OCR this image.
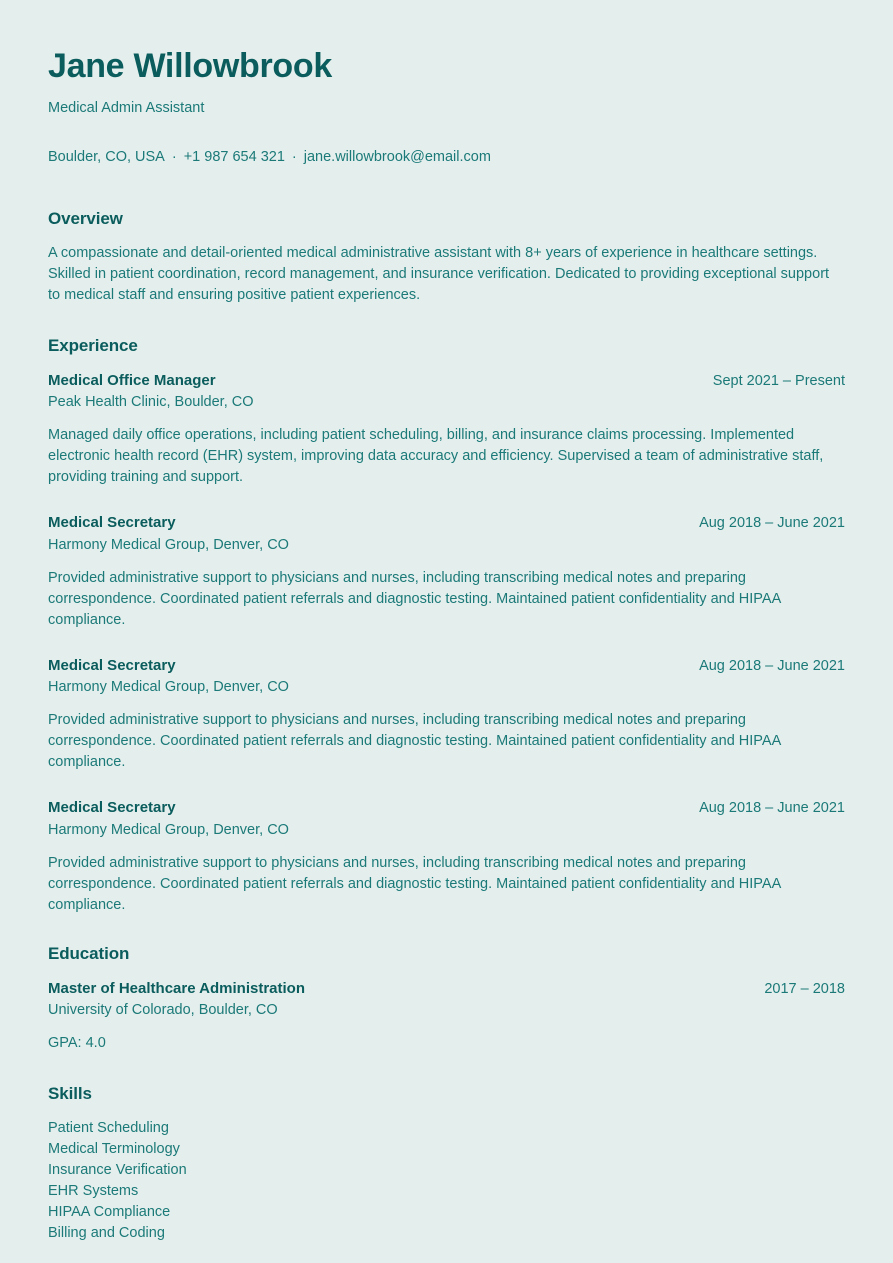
Jane Willowbrook
Medical Admin Assistant
Boulder, CO, USA · +1 987 654 321 · jane.willowbrook@email.com
Overview

A compassionate and detail-oriented medical administrative assistant with 8+ years of experience in healthcare settings. Skilled in patient coordination, record management, and insurance verification. Dedicated to providing exceptional support to medical staff and ensuring positive patient experiences.

Experience
Medical Office Manager	Sept 2021 – Present
Peak Health Clinic, Boulder, CO
Managed daily office operations, including patient scheduling, billing, and insurance claims processing. Implemented electronic health record (EHR) system, improving data accuracy and efficiency. Supervised a team of administrative staff, providing training and support.
Medical Secretary	Aug 2018 – June 2021
Harmony Medical Group, Denver, CO
Provided administrative support to physicians and nurses, including transcribing medical notes and preparing correspondence. Coordinated patient referrals and diagnostic testing. Maintained patient confidentiality and HIPAA compliance.
Medical Secretary	Aug 2018 – June 2021
Harmony Medical Group, Denver, CO
Provided administrative support to physicians and nurses, including transcribing medical notes and preparing correspondence. Coordinated patient referrals and diagnostic testing. Maintained patient confidentiality and HIPAA compliance.
Medical Secretary	Aug 2018 – June 2021
Harmony Medical Group, Denver, CO
Provided administrative support to physicians and nurses, including transcribing medical notes and preparing correspondence. Coordinated patient referrals and diagnostic testing. Maintained patient confidentiality and HIPAA compliance.
Education
Master of Healthcare Administration	2017 – 2018
University of Colorado, Boulder, CO
GPA: 4.0
Skills
Patient Scheduling
Medical Terminology
Insurance Verification
EHR Systems
HIPAA Compliance
Billing and Coding
